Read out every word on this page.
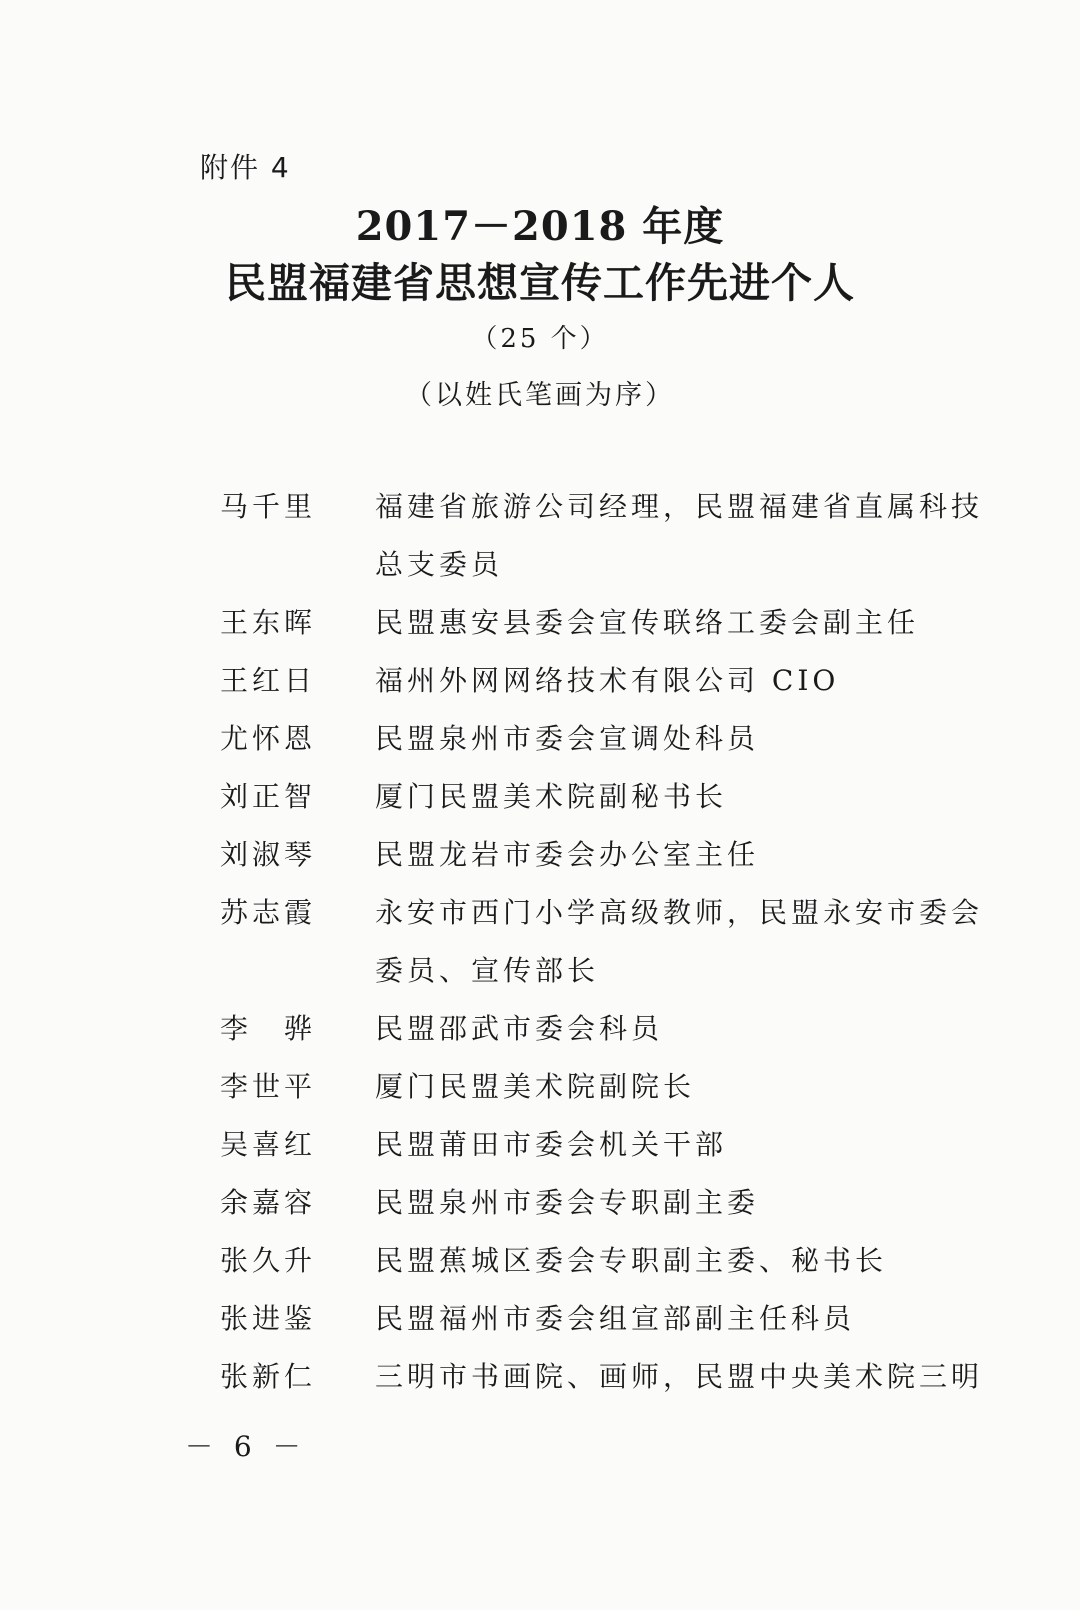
附件 4
2017－2018 年度
民盟福建省思想宣传工作先进个人
（25 个）
（以姓氏笔画为序）
马千里	福建省旅游公司经理，民盟福建省直属科技
总支委员
王东晖	民盟惠安县委会宣传联络工委会副主任
王红日	福州外网网络技术有限公司 CIO
尤怀恩	民盟泉州市委会宣调处科员
刘正智	厦门民盟美术院副秘书长
刘淑琴	民盟龙岩市委会办公室主任
苏志霞	永安市西门小学高级教师，民盟永安市委会
委员、宣传部长
李　骅	民盟邵武市委会科员
李世平	厦门民盟美术院副院长
吴喜红	民盟莆田市委会机关干部
余嘉容	民盟泉州市委会专职副主委
张久升	民盟蕉城区委会专职副主委、秘书长
张进鉴	民盟福州市委会组宣部副主任科员
张新仁	三明市书画院、画师，民盟中央美术院三明
－ 6 －
